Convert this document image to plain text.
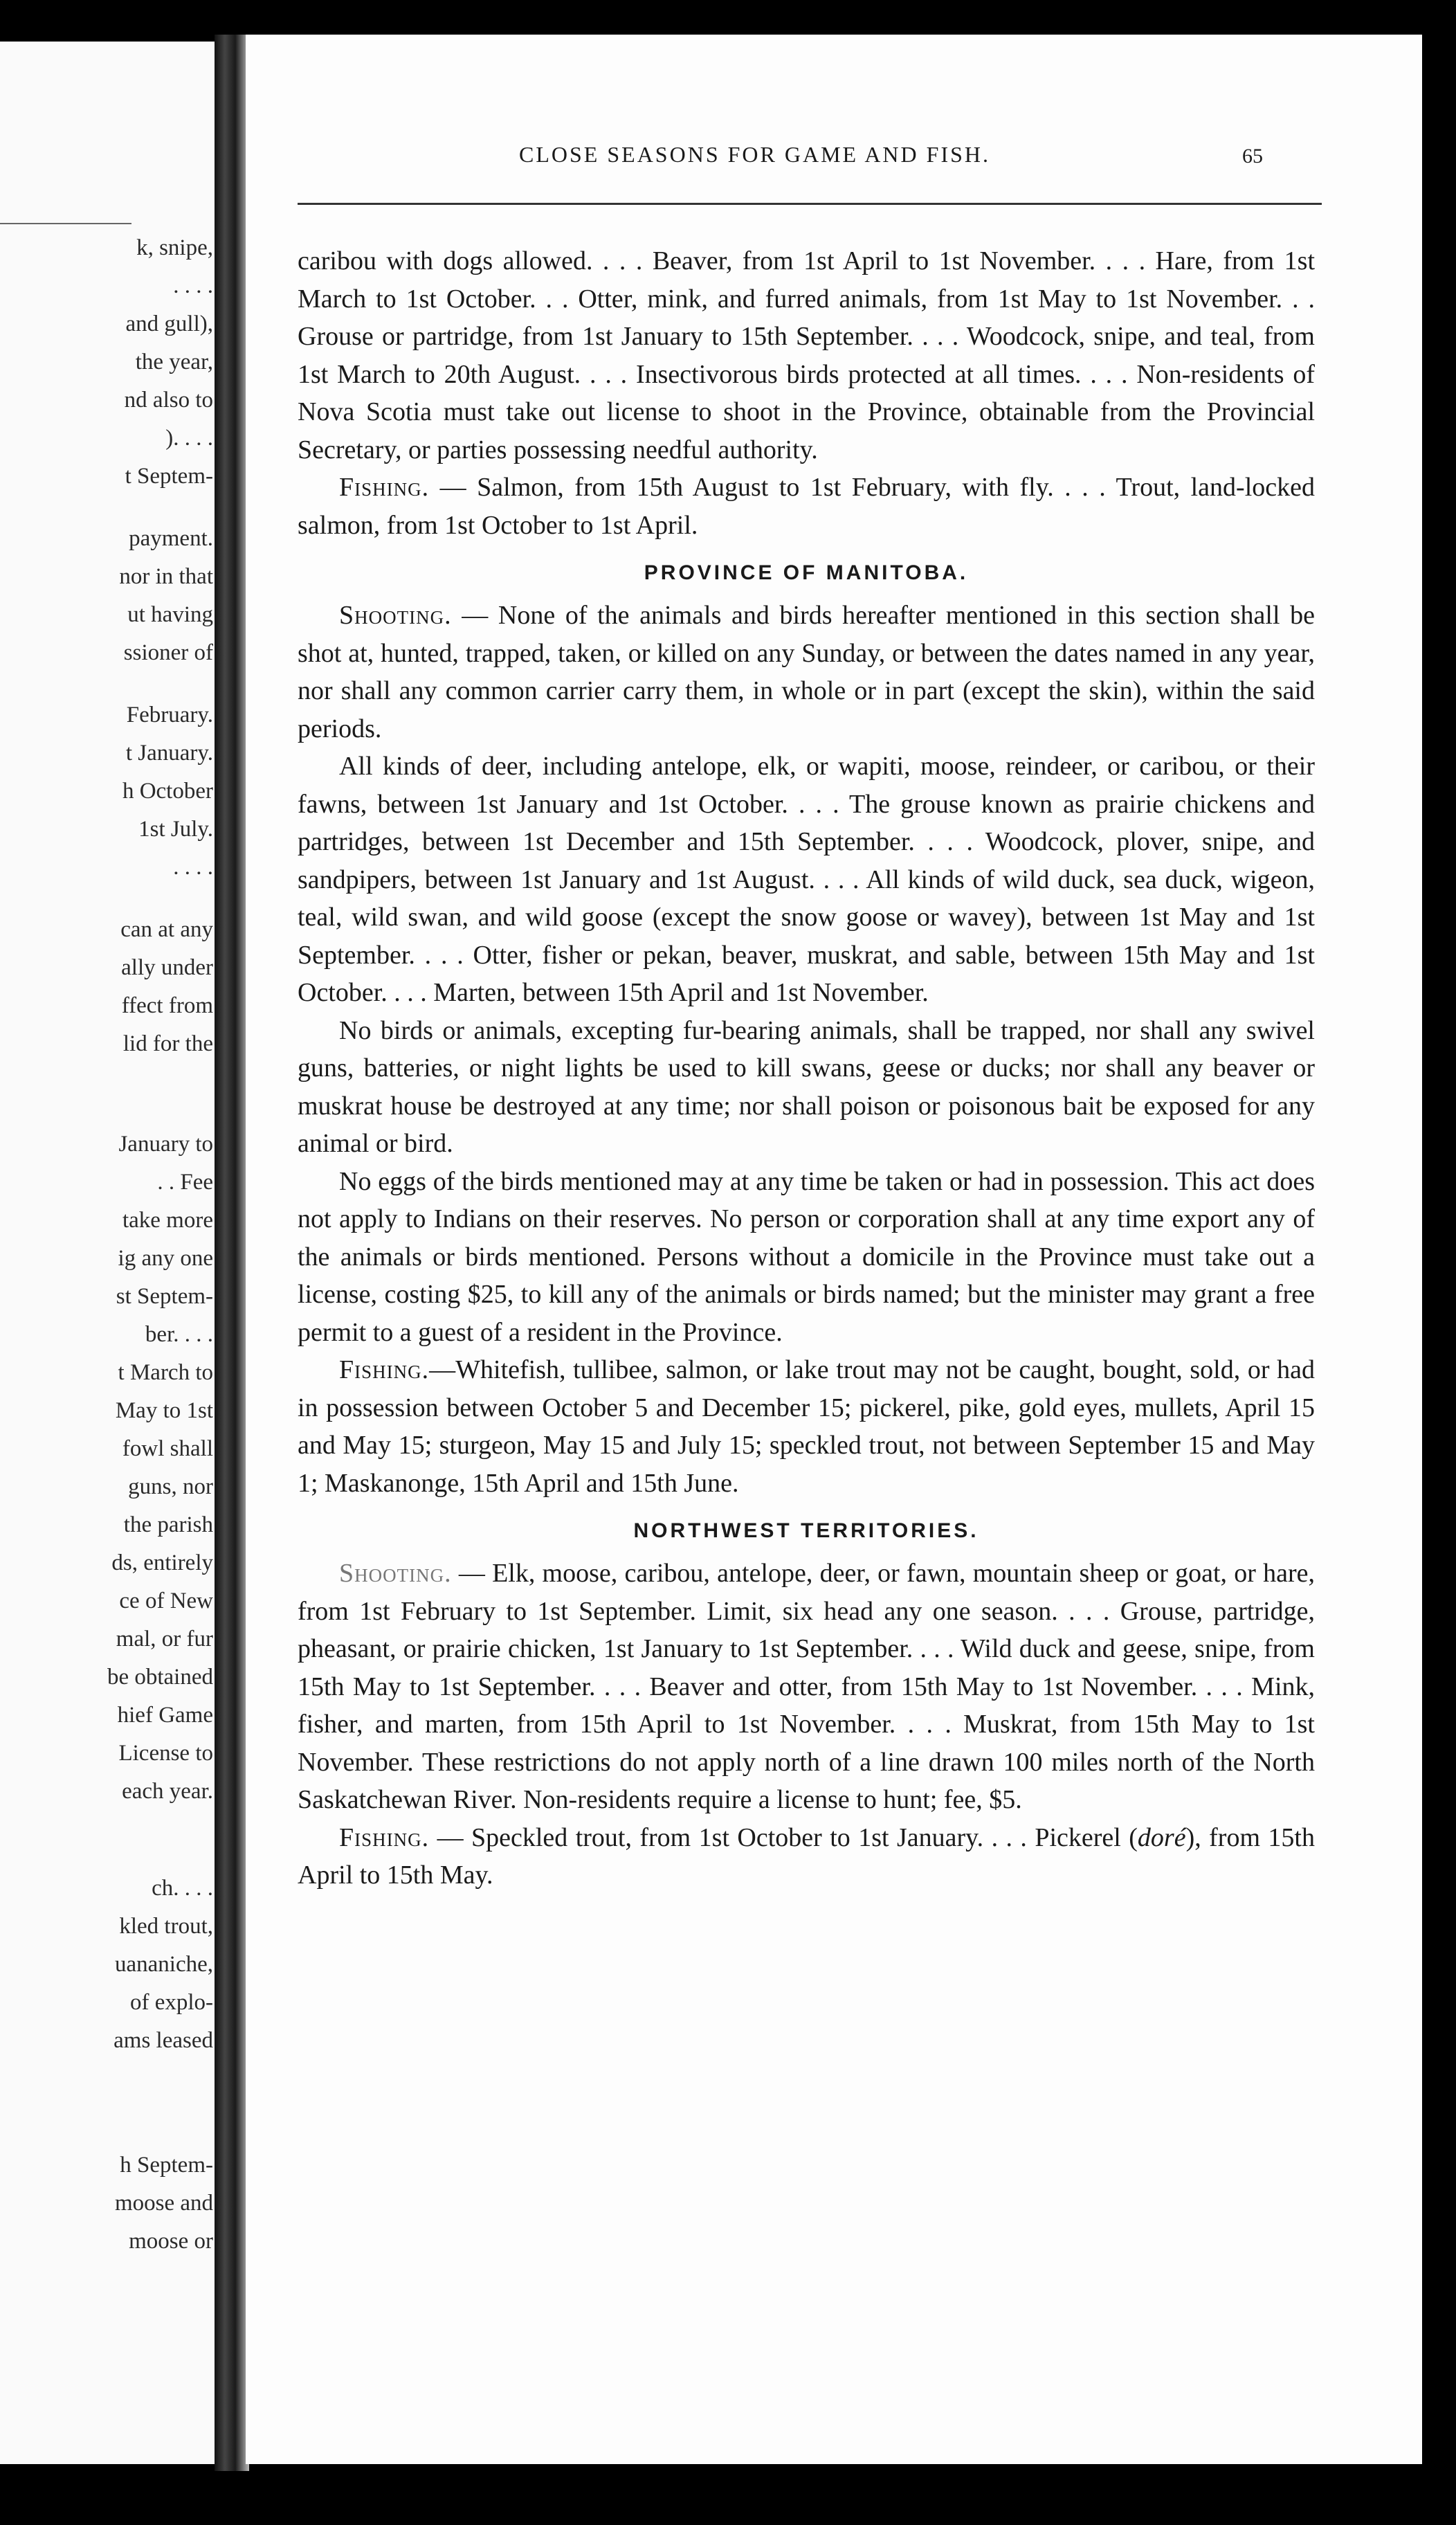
k, snipe,
. . . .
and gull),
the year,
nd also to
). . . .
t Septem-
payment.
nor in that
ut having
ssioner of
February.
t January.
h October
1st July.
. . . .
can at any
ally under
ffect from
lid for the
January to
. . Fee
take more
ig any one
st Septem-
ber. . . .
t March to
May to 1st
fowl shall
guns, nor
the parish
ds, entirely
ce of New
mal, or fur
be obtained
hief Game
License to
each year.
ch. . . .
kled trout,
uananiche,
of explo-
ams leased
h Septem-
moose and
moose or
CLOSE SEASONS FOR GAME AND FISH.	65

caribou with dogs allowed. . . . Beaver, from 1st April to 1st November. . . . Hare, from 1st March to 1st October. . . Otter, mink, and furred animals, from 1st May to 1st November. . . Grouse or partridge, from 1st January to 15th September. . . . Woodcock, snipe, and teal, from 1st March to 20th August. . . . Insectivorous birds protected at all times. . . . Non-residents of Nova Scotia must take out license to shoot in the Province, obtainable from the Provincial Secretary, or parties possessing needful authority.

Fishing. — Salmon, from 15th August to 1st February, with fly. . . . Trout, land-locked salmon, from 1st October to 1st April.

PROVINCE OF MANITOBA.

Shooting. — None of the animals and birds hereafter mentioned in this section shall be shot at, hunted, trapped, taken, or killed on any Sunday, or between the dates named in any year, nor shall any common carrier carry them, in whole or in part (except the skin), within the said periods.

All kinds of deer, including antelope, elk, or wapiti, moose, reindeer, or caribou, or their fawns, between 1st January and 1st October. . . . The grouse known as prairie chickens and partridges, between 1st December and 15th September. . . . Woodcock, plover, snipe, and sandpipers, between 1st January and 1st August. . . . All kinds of wild duck, sea duck, wigeon, teal, wild swan, and wild goose (except the snow goose or wavey), between 1st May and 1st September. . . . Otter, fisher or pekan, beaver, muskrat, and sable, between 15th May and 1st October. . . . Marten, between 15th April and 1st November.

No birds or animals, excepting fur-bearing animals, shall be trapped, nor shall any swivel guns, batteries, or night lights be used to kill swans, geese or ducks; nor shall any beaver or muskrat house be destroyed at any time; nor shall poison or poisonous bait be exposed for any animal or bird.

No eggs of the birds mentioned may at any time be taken or had in possession. This act does not apply to Indians on their reserves. No person or corporation shall at any time export any of the animals or birds mentioned. Persons without a domicile in the Province must take out a license, costing $25, to kill any of the animals or birds named; but the minister may grant a free permit to a guest of a resident in the Province.

Fishing.—Whitefish, tullibee, salmon, or lake trout may not be caught, bought, sold, or had in possession between October 5 and December 15; pickerel, pike, gold eyes, mullets, April 15 and May 15; sturgeon, May 15 and July 15; speckled trout, not between September 15 and May 1; Maskanonge, 15th April and 15th June.

NORTHWEST TERRITORIES.

Shooting. — Elk, moose, caribou, antelope, deer, or fawn, mountain sheep or goat, or hare, from 1st February to 1st September. Limit, six head any one season. . . . Grouse, partridge, pheasant, or prairie chicken, 1st January to 1st September. . . . Wild duck and geese, snipe, from 15th May to 1st September. . . . Beaver and otter, from 15th May to 1st November. . . . Mink, fisher, and marten, from 15th April to 1st November. . . . Muskrat, from 15th May to 1st November. These restrictions do not apply north of a line drawn 100 miles north of the North Saskatchewan River. Non-residents require a license to hunt; fee, $5.

Fishing. — Speckled trout, from 1st October to 1st January. . . . Pickerel (doré), from 15th April to 15th May.
